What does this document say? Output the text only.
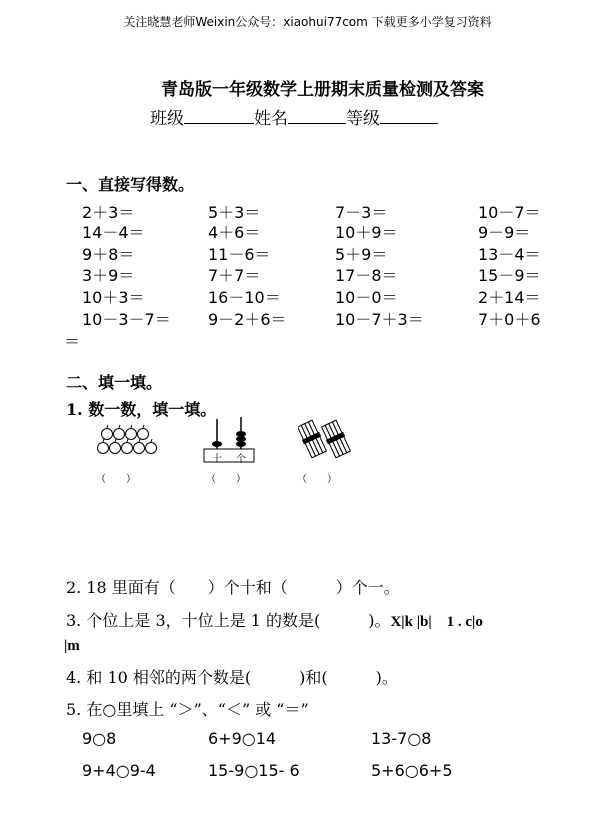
关注晓慧老师Weixin公众号：xiaohui77com 下载更多小学复习资料
青岛版一年级数学上册期末质量检测及答案
班级	姓名	等级
一、直接写得数。
2＋3＝	5＋3＝	7－3＝	10－7＝
14－4＝	4＋6＝	10＋9＝	9－9＝
9＋8＝	11－6＝	5＋9＝	13－4＝
3＋9＝	7＋7＝	17－8＝	15－9＝
10＋3＝	16－10＝	10－0＝	2＋14＝
10－3－7＝ 9－2＋6＝	10－7＋3＝	7＋0＋6
＝
二、填一填。
1. 数一数，填一填。
十 个
（　　）	（　　）	（　　）
2. 18 里面有（　　）个十和（　　　）个一。
3. 个位上是 3，十位上是 1 的数是(　　　)。X|k |b|　1 . c|o
|m
4. 和 10 相邻的两个数是(　　　)和(　　　)。
5. 在○里填上 “＞”、“＜” 或 “＝”
9○8	6+9○14	13-7○8
9+4○9-4	15-9○15- 6	5+6○6+5
